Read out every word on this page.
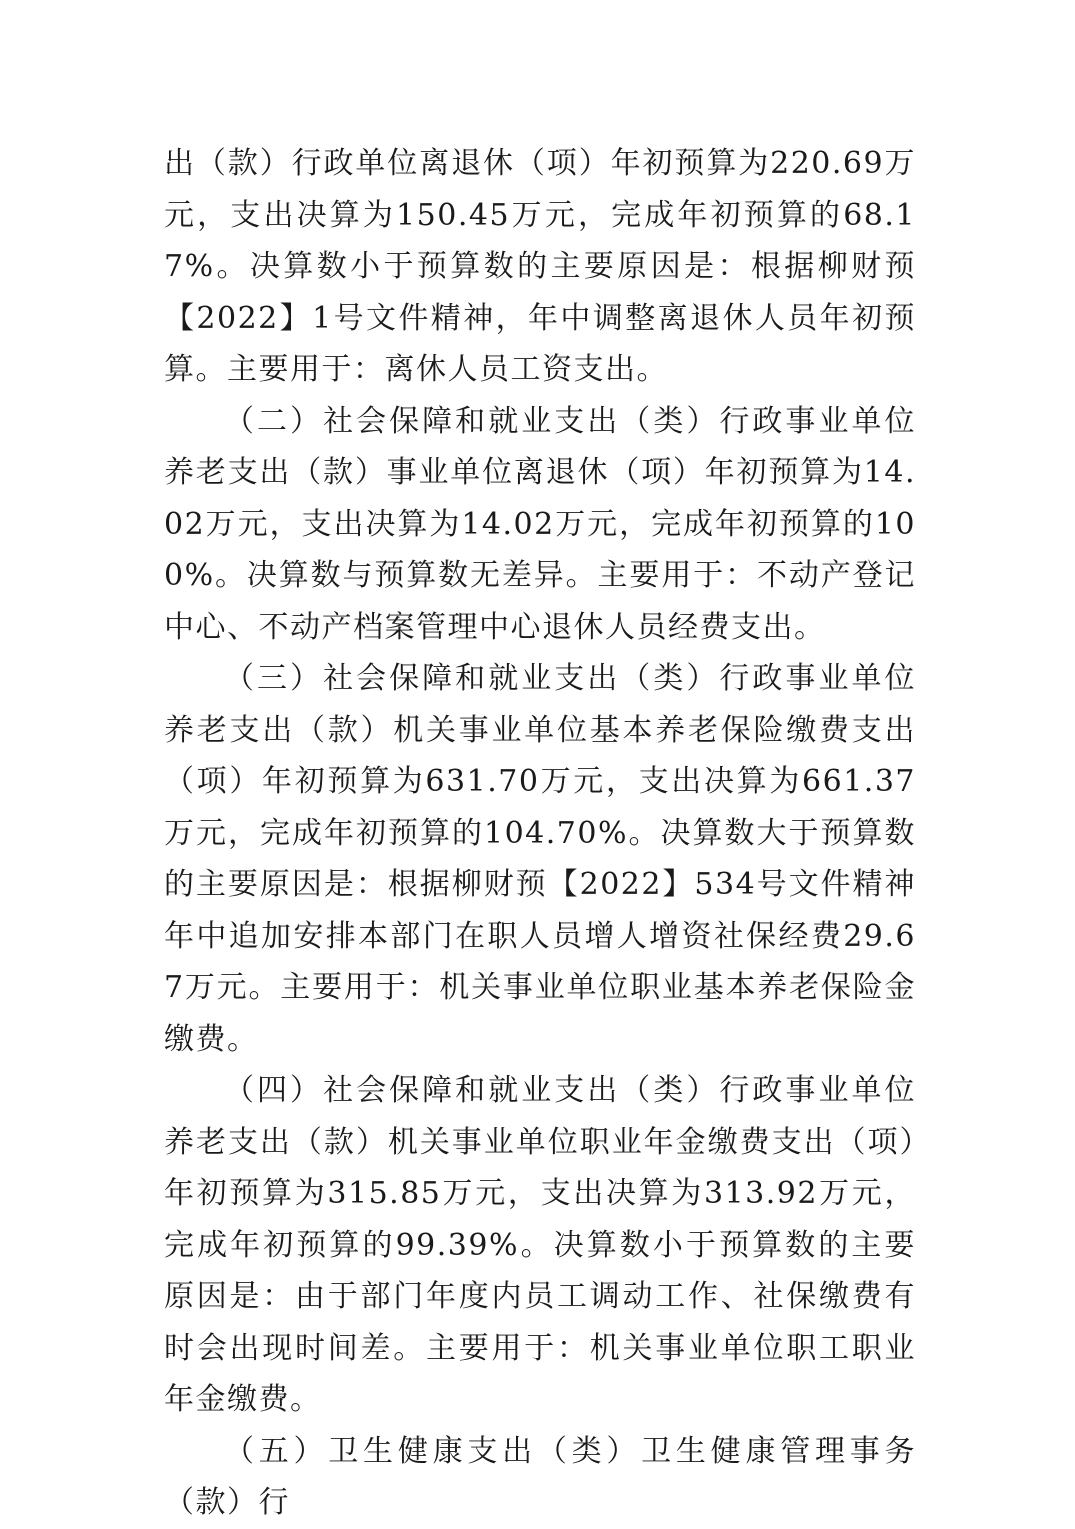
出（款）行政单位离退休（项）年初预算为220.69万元，支出决算为150.45万元，完成年初预算的68.17%。决算数小于预算数的主要原因是：根据柳财预【2022】1号文件精神，年中调整离退休人员年初预算。主要用于：离休人员工资支出。

（二）社会保障和就业支出（类）行政事业单位养老支出（款）事业单位离退休（项）年初预算为14.02万元，支出决算为14.02万元，完成年初预算的100%。决算数与预算数无差异。主要用于：不动产登记中心、不动产档案管理中心退休人员经费支出。

（三）社会保障和就业支出（类）行政事业单位养老支出（款）机关事业单位基本养老保险缴费支出（项）年初预算为631.70万元，支出决算为661.37万元，完成年初预算的104.70%。决算数大于预算数的主要原因是：根据柳财预【2022】534号文件精神年中追加安排本部门在职人员增人增资社保经费29.67万元。主要用于：机关事业单位职业基本养老保险金缴费。

（四）社会保障和就业支出（类）行政事业单位养老支出（款）机关事业单位职业年金缴费支出（项）年初预算为315.85万元，支出决算为313.92万元，完成年初预算的99.39%。决算数小于预算数的主要原因是：由于部门年度内员工调动工作、社保缴费有时会出现时间差。主要用于：机关事业单位职工职业年金缴费。

（五）卫生健康支出（类）卫生健康管理事务（款）行
